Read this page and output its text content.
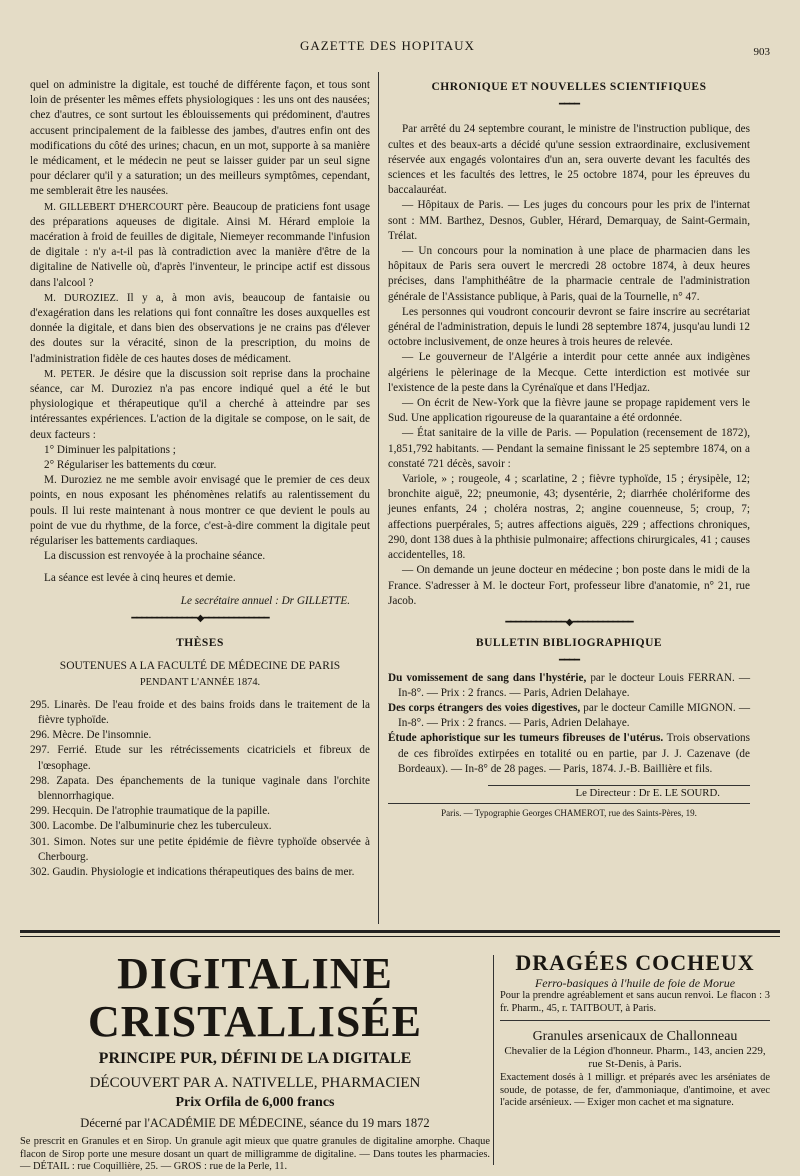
GAZETTE DES HOPITAUX	903

quel on administre la digitale, est touché de différente façon, et tous sont loin de présenter les mêmes effets physiologiques : les uns ont des nausées; chez d'autres, ce sont surtout les éblouissements qui prédominent, d'autres accusent principalement de la faiblesse des jambes, d'autres enfin ont des modifications du côté des urines; chacun, en un mot, supporte à sa manière le médicament, et le médecin ne peut se laisser guider par un seul signe pour déclarer qu'il y a saturation; un des meilleurs symptômes, cependant, me semblerait être les nausées.

M. GILLEBERT D'HERCOURT père. Beaucoup de praticiens font usage des préparations aqueuses de digitale. Ainsi M. Hérard emploie la macération à froid de feuilles de digitale, Niemeyer recommande l'infusion de digitale : n'y a-t-il pas là contradiction avec la manière d'être de la digitaline de Nativelle où, d'après l'inventeur, le principe actif est dissous dans l'alcool ?

M. DUROZIEZ. Il y a, à mon avis, beaucoup de fantaisie ou d'exagération dans les relations qui font connaître les doses auxquelles est donnée la digitale, et dans bien des observations je ne crains pas d'élever des doutes sur la véracité, sinon de la prescription, du moins de l'administration fidèle de ces hautes doses de médicament.

M. PETER. Je désire que la discussion soit reprise dans la prochaine séance, car M. Duroziez n'a pas encore indiqué quel a été le but physiologique et thérapeutique qu'il a cherché à atteindre par ses intéressantes expériences. L'action de la digitale se compose, on le sait, de deux facteurs :

1° Diminuer les palpitations ;

2° Régulariser les battements du cœur.

M. Duroziez ne me semble avoir envisagé que le premier de ces deux points, en nous exposant les phénomènes relatifs au ralentissement du pouls. Il lui reste maintenant à nous montrer ce que devient le pouls au point de vue du rhythme, de la force, c'est-à-dire comment la digitale peut régulariser les battements cardiaques.

La discussion est renvoyée à la prochaine séance.

La séance est levée à cinq heures et demie.

Le secrétaire annuel : Dr GILLETTE.

━━━━━━━━━━━━━◆━━━━━━━━━━━━━

THÈSES

SOUTENUES A LA FACULTÉ DE MÉDECINE DE PARIS

PENDANT L'ANNÉE 1874.

295. Linarès. De l'eau froide et des bains froids dans le traitement de la fièvre typhoïde.

296. Mècre. De l'insomnie.

297. Ferrié. Etude sur les rétrécissements cicatriciels et fibreux de l'œsophage.

298. Zapata. Des épanchements de la tunique vaginale dans l'orchite blennorrhagique.

299. Hecquin. De l'atrophie traumatique de la papille.

300. Lacombe. De l'albuminurie chez les tuberculeux.

301. Simon. Notes sur une petite épidémie de fièvre typhoïde observée à Cherbourg.

302. Gaudin. Physiologie et indications thérapeutiques des bains de mer.

CHRONIQUE ET NOUVELLES SCIENTIFIQUES

━━━━

Par arrêté du 24 septembre courant, le ministre de l'instruction publique, des cultes et des beaux-arts a décidé qu'une session extraordinaire, exclusivement réservée aux engagés volontaires d'un an, sera ouverte devant les facultés des sciences et les facultés des lettres, le 25 octobre 1874, pour les épreuves du baccalauréat.

— Hôpitaux de Paris. — Les juges du concours pour les prix de l'internat sont : MM. Barthez, Desnos, Gubler, Hérard, Demarquay, de Saint-Germain, Trélat.

— Un concours pour la nomination à une place de pharmacien dans les hôpitaux de Paris sera ouvert le mercredi 28 octobre 1874, à deux heures précises, dans l'amphithéâtre de la pharmacie centrale de l'administration générale de l'Assistance publique, à Paris, quai de la Tournelle, n° 47.

Les personnes qui voudront concourir devront se faire inscrire au secrétariat général de l'administration, depuis le lundi 28 septembre 1874, jusqu'au lundi 12 octobre inclusivement, de onze heures à trois heures de relevée.

— Le gouverneur de l'Algérie a interdit pour cette année aux indigènes algériens le pèlerinage de la Mecque. Cette interdiction est motivée sur l'existence de la peste dans la Cyrénaïque et dans l'Hedjaz.

— On écrit de New-York que la fièvre jaune se propage rapidement vers le Sud. Une application rigoureuse de la quarantaine a été ordonnée.

— État sanitaire de la ville de Paris. — Population (recensement de 1872), 1,851,792 habitants. — Pendant la semaine finissant le 25 septembre 1874, on a constaté 721 décès, savoir :

Variole, » ; rougeole, 4 ; scarlatine, 2 ; fièvre typhoïde, 15 ; érysipèle, 12; bronchite aiguë, 22; pneumonie, 43; dysentérie, 2; diarrhée cholériforme des jeunes enfants, 24 ; choléra nostras, 2; angine couenneuse, 5; croup, 7; affections puerpérales, 5; autres affections aiguës, 229 ; affections chroniques, 290, dont 138 dues à la phthisie pulmonaire; affections chirurgicales, 41 ; causes accidentelles, 18.

— On demande un jeune docteur en médecine ; bon poste dans le midi de la France. S'adresser à M. le docteur Fort, professeur libre d'anatomie, n° 21, rue Jacob.

━━━━━━━━━━━━◆━━━━━━━━━━━━

BULLETIN BIBLIOGRAPHIQUE

━━━━

Du vomissement de sang dans l'hystérie, par le docteur Louis FERRAN. — In-8°. — Prix : 2 francs. — Paris, Adrien Delahaye.

Des corps étrangers des voies digestives, par le docteur Camille MIGNON. — In-8°. — Prix : 2 francs. — Paris, Adrien Delahaye.

Étude aphoristique sur les tumeurs fibreuses de l'utérus. Trois observations de ces fibroïdes extirpées en totalité ou en partie, par J. J. Cazenave (de Bordeaux). — In-8° de 28 pages. — Paris, 1874. J.-B. Baillière et fils.

Le Directeur : Dr E. LE SOURD.

Paris. — Typographie Georges CHAMEROT, rue des Saints-Pères, 19.

DIGITALINE CRISTALLISÉE
PRINCIPE PUR, DÉFINI DE LA DIGITALE
DÉCOUVERT PAR A. NATIVELLE, PHARMACIEN
Prix Orfila de 6,000 francs
Décerné par l'ACADÉMIE DE MÉDECINE, séance du 19 mars 1872
Se prescrit en Granules et en Sirop. Un granule agit mieux que quatre granules de digitaline amorphe. Chaque flacon de Sirop porte une mesure dosant un quart de milligramme de digitaline. — Dans toutes les pharmacies. — DÉTAIL : rue Coquillière, 25. — GROS : rue de la Perle, 11.
DRAGÉES COCHEUX
Ferro-basiques à l'huile de foie de Morue
Pour la prendre agréablement et sans aucun renvoi. Le flacon : 3 fr. Pharm., 45, r. TAITBOUT, à Paris.
Granules arsenicaux de Challonneau
Chevalier de la Légion d'honneur. Pharm., 143, ancien 229, rue St-Denis, à Paris.
Exactement dosés à 1 milligr. et préparés avec les arséniates de soude, de potasse, de fer, d'ammoniaque, d'antimoine, et avec l'acide arsénieux. — Exiger mon cachet et ma signature.
